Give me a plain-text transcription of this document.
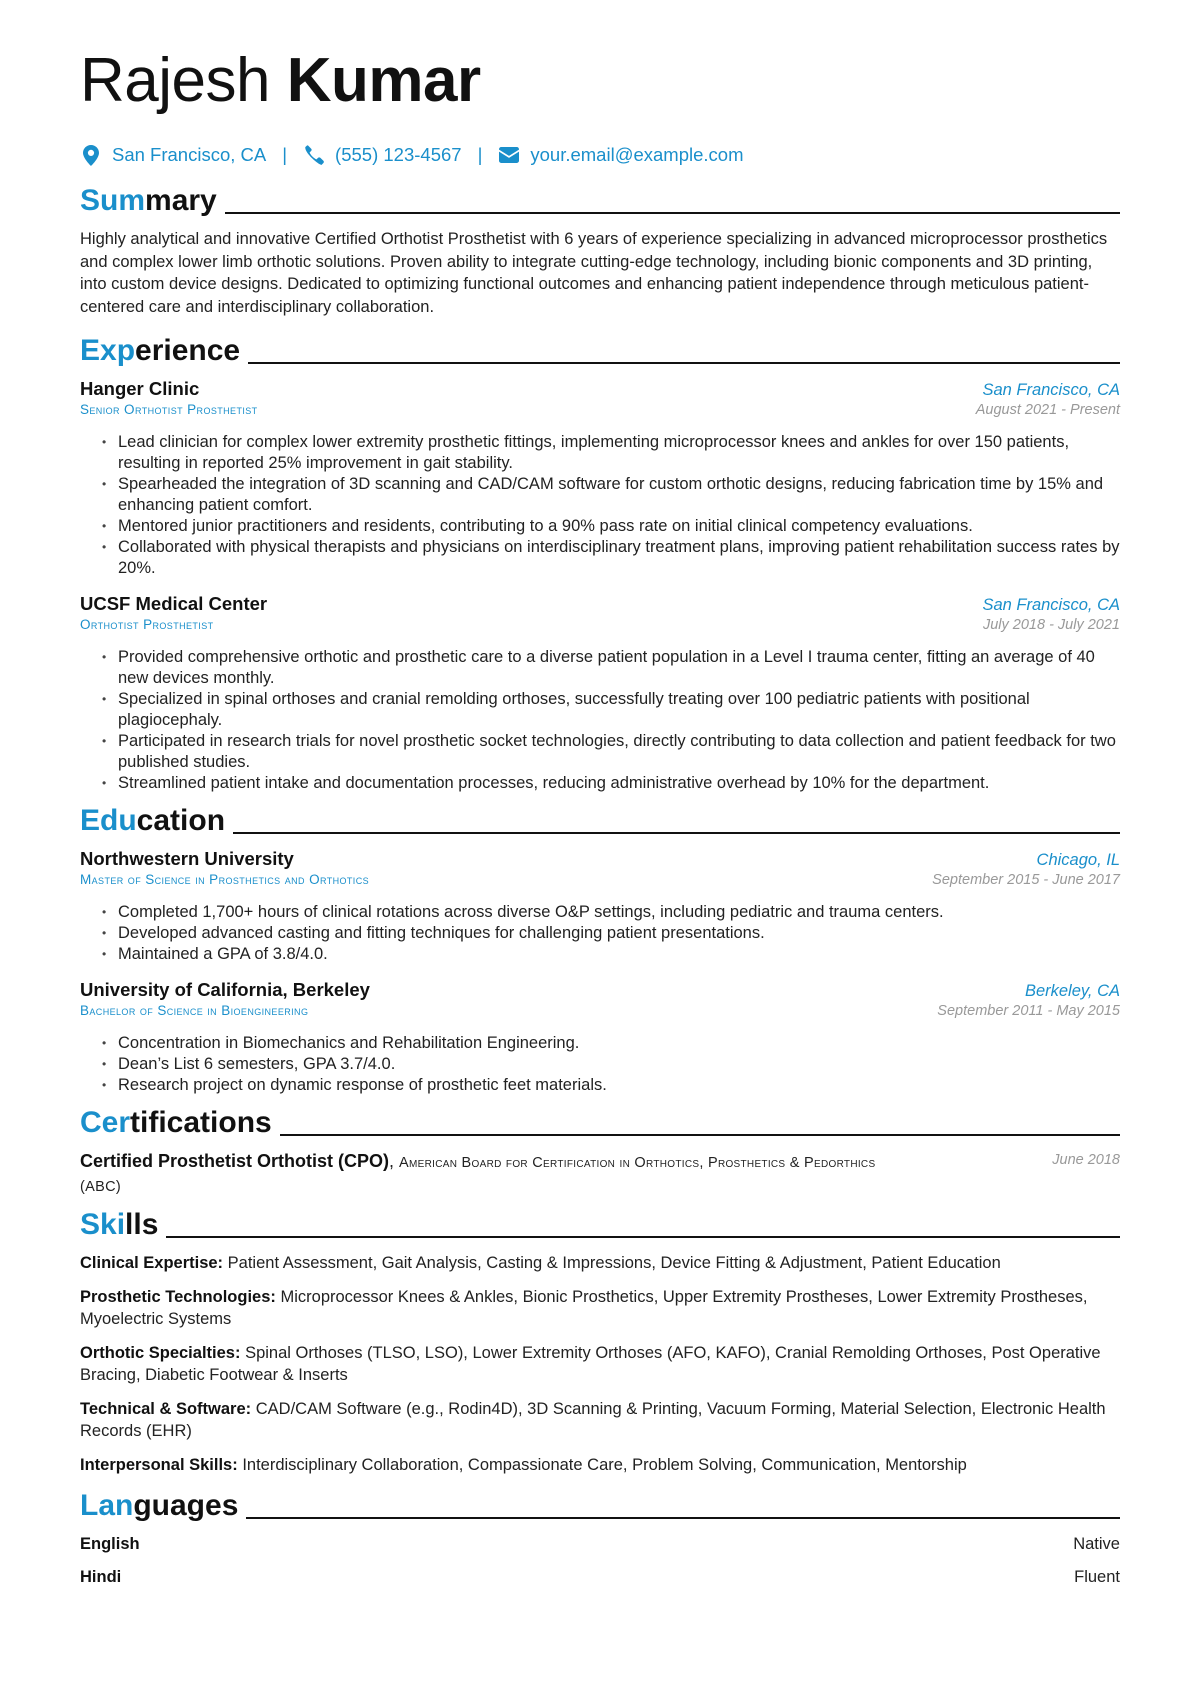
Rajesh Kumar
San Francisco, CA |	(555) 123-4567 |	your.email@example.com
Summary

Highly analytical and innovative Certified Orthotist Prosthetist with 6 years of experience specializing in advanced microprocessor prosthetics and complex lower limb orthotic solutions. Proven ability to integrate cutting-edge technology, including bionic components and 3D printing, into custom device designs. Dedicated to optimizing functional outcomes and enhancing patient independence through meticulous patient-centered care and interdisciplinary collaboration.

Experience
Hanger Clinic	San Francisco, CA
Senior Orthotist Prosthetist	August 2021 - Present
• Lead clinician for complex lower extremity prosthetic fittings, implementing microprocessor knees and ankles for over 150 patients, resulting in reported 25% improvement in gait stability.
• Spearheaded the integration of 3D scanning and CAD/CAM software for custom orthotic designs, reducing fabrication time by 15% and enhancing patient comfort.
• Mentored junior practitioners and residents, contributing to a 90% pass rate on initial clinical competency evaluations.
• Collaborated with physical therapists and physicians on interdisciplinary treatment plans, improving patient rehabilitation success rates by 20%.
UCSF Medical Center	San Francisco, CA
Orthotist Prosthetist	July 2018 - July 2021
• Provided comprehensive orthotic and prosthetic care to a diverse patient population in a Level I trauma center, fitting an average of 40 new devices monthly.
• Specialized in spinal orthoses and cranial remolding orthoses, successfully treating over 100 pediatric patients with positional plagiocephaly.
• Participated in research trials for novel prosthetic socket technologies, directly contributing to data collection and patient feedback for two published studies.
• Streamlined patient intake and documentation processes, reducing administrative overhead by 10% for the department.
Education
Northwestern University	Chicago, IL
Master of Science in Prosthetics and Orthotics	September 2015 - June 2017
• Completed 1,700+ hours of clinical rotations across diverse O&P settings, including pediatric and trauma centers.
• Developed advanced casting and fitting techniques for challenging patient presentations.
• Maintained a GPA of 3.8/4.0.
University of California, Berkeley	Berkeley, CA
Bachelor of Science in Bioengineering	September 2011 - May 2015
• Concentration in Biomechanics and Rehabilitation Engineering.
• Dean’s List 6 semesters, GPA 3.7/4.0.
• Research project on dynamic response of prosthetic feet materials.
Certifications
Certified Prosthetist Orthotist (CPO), American Board for Certification in Orthotics, Prosthetics & Pedorthics (ABC)
June 2018
Skills
Clinical Expertise: Patient Assessment, Gait Analysis, Casting & Impressions, Device Fitting & Adjustment, Patient Education
Prosthetic Technologies: Microprocessor Knees & Ankles, Bionic Prosthetics, Upper Extremity Prostheses, Lower Extremity Prostheses, Myoelectric Systems
Orthotic Specialties: Spinal Orthoses (TLSO, LSO), Lower Extremity Orthoses (AFO, KAFO), Cranial Remolding Orthoses, Post Operative Bracing, Diabetic Footwear & Inserts
Technical & Software: CAD/CAM Software (e.g., Rodin4D), 3D Scanning & Printing, Vacuum Forming, Material Selection, Electronic Health Records (EHR)
Interpersonal Skills: Interdisciplinary Collaboration, Compassionate Care, Problem Solving, Communication, Mentorship
Languages
English	Native
Hindi	Fluent
